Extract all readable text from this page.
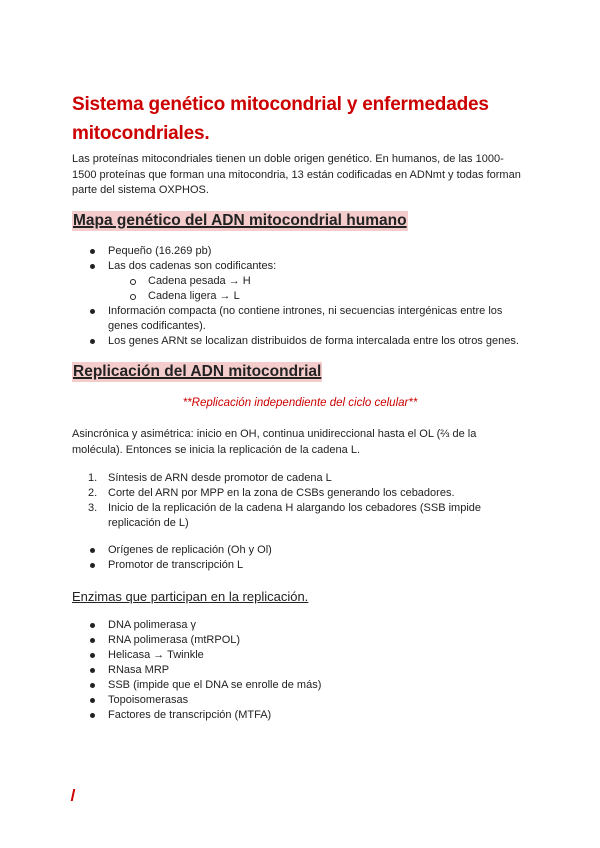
Sistema genético mitocondrial y enfermedades mitocondriales.
Las proteínas mitocondriales tienen un doble origen genético. En humanos, de las 1000-1500 proteínas que forman una mitocondria, 13 están codificadas en ADNmt y todas forman parte del sistema OXPHOS.
Mapa genético del ADN mitocondrial humano
Pequeño (16.269 pb)
Las dos cadenas son codificantes:
Cadena pesada → H
Cadena ligera → L
Información compacta (no contiene intrones, ni secuencias intergénicas entre los genes codificantes).
Los genes ARNt se localizan distribuidos de forma intercalada entre los otros genes.
Replicación del ADN mitocondrial
**Replicación independiente del ciclo celular**
Asincrónica y asimétrica: inicio en OH, continua unidireccional hasta el OL (⅔ de la molécula). Entonces se inicia la replicación de la cadena L.
1. Síntesis de ARN desde promotor de cadena L
2. Corte del ARN por MPP en la zona de CSBs generando los cebadores.
3. Inicio de la replicación de la cadena H alargando los cebadores (SSB impide replicación de L)
Orígenes de replicación (Oh y Ol)
Promotor de transcripción L
Enzimas que participan en la replicación.
DNA polimerasa γ
RNA polimerasa (mtRPOL)
Helicasa → Twinkle
RNasa MRP
SSB (impide que el DNA se enrolle de más)
Topoisomerasas
Factores de transcripción (MTFA)
